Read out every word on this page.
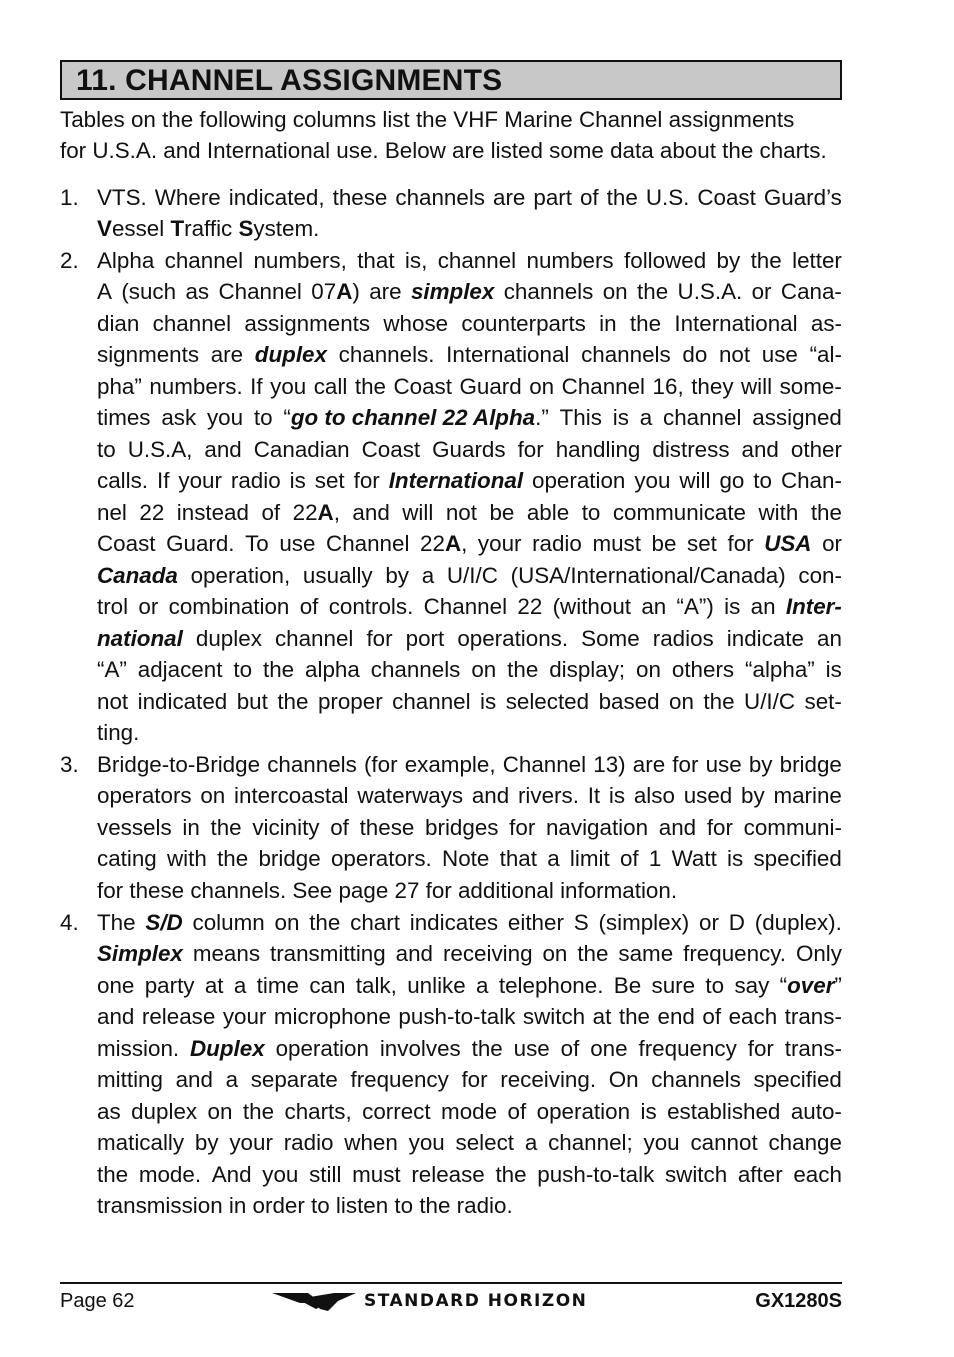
11. CHANNEL ASSIGNMENTS
Tables on the following columns list the VHF Marine Channel assignments
for U.S.A. and International use. Below are listed some data about the charts.
1. VTS. Where indicated, these channels are part of the U.S. Coast Guard’s
Vessel Traffic System.
2. Alpha channel numbers, that is, channel numbers followed by the letter
A (such as Channel 07A) are simplex channels on the U.S.A. or Cana-
dian channel assignments whose counterparts in the International as-
signments are duplex channels. International channels do not use “al-
pha” numbers. If you call the Coast Guard on Channel 16, they will some-
times ask you to “go to channel 22 Alpha.” This is a channel assigned
to U.S.A, and Canadian Coast Guards for handling distress and other
calls. If your radio is set for International operation you will go to Chan-
nel 22 instead of 22A, and will not be able to communicate with the
Coast Guard. To use Channel 22A, your radio must be set for USA or
Canada operation, usually by a U/I/C (USA/International/Canada) con-
trol or combination of controls. Channel 22 (without an “A”) is an Inter-
national duplex channel for port operations. Some radios indicate an
“A” adjacent to the alpha channels on the display; on others “alpha” is
not indicated but the proper channel is selected based on the U/I/C set-
ting.
3. Bridge-to-Bridge channels (for example, Channel 13) are for use by bridge
operators on intercoastal waterways and rivers. It is also used by marine
vessels in the vicinity of these bridges for navigation and for communi-
cating with the bridge operators. Note that a limit of 1 Watt is specified
for these channels. See page 27 for additional information.
4. The S/D column on the chart indicates either S (simplex) or D (duplex).
Simplex means transmitting and receiving on the same frequency. Only
one party at a time can talk, unlike a telephone. Be sure to say “over”
and release your microphone push-to-talk switch at the end of each trans-
mission. Duplex operation involves the use of one frequency for trans-
mitting and a separate frequency for receiving. On channels specified
as duplex on the charts, correct mode of operation is established auto-
matically by your radio when you select a channel; you cannot change
the mode. And you still must release the push-to-talk switch after each
transmission in order to listen to the radio.
Page 62	STANDARD HORIZON	GX1280S
